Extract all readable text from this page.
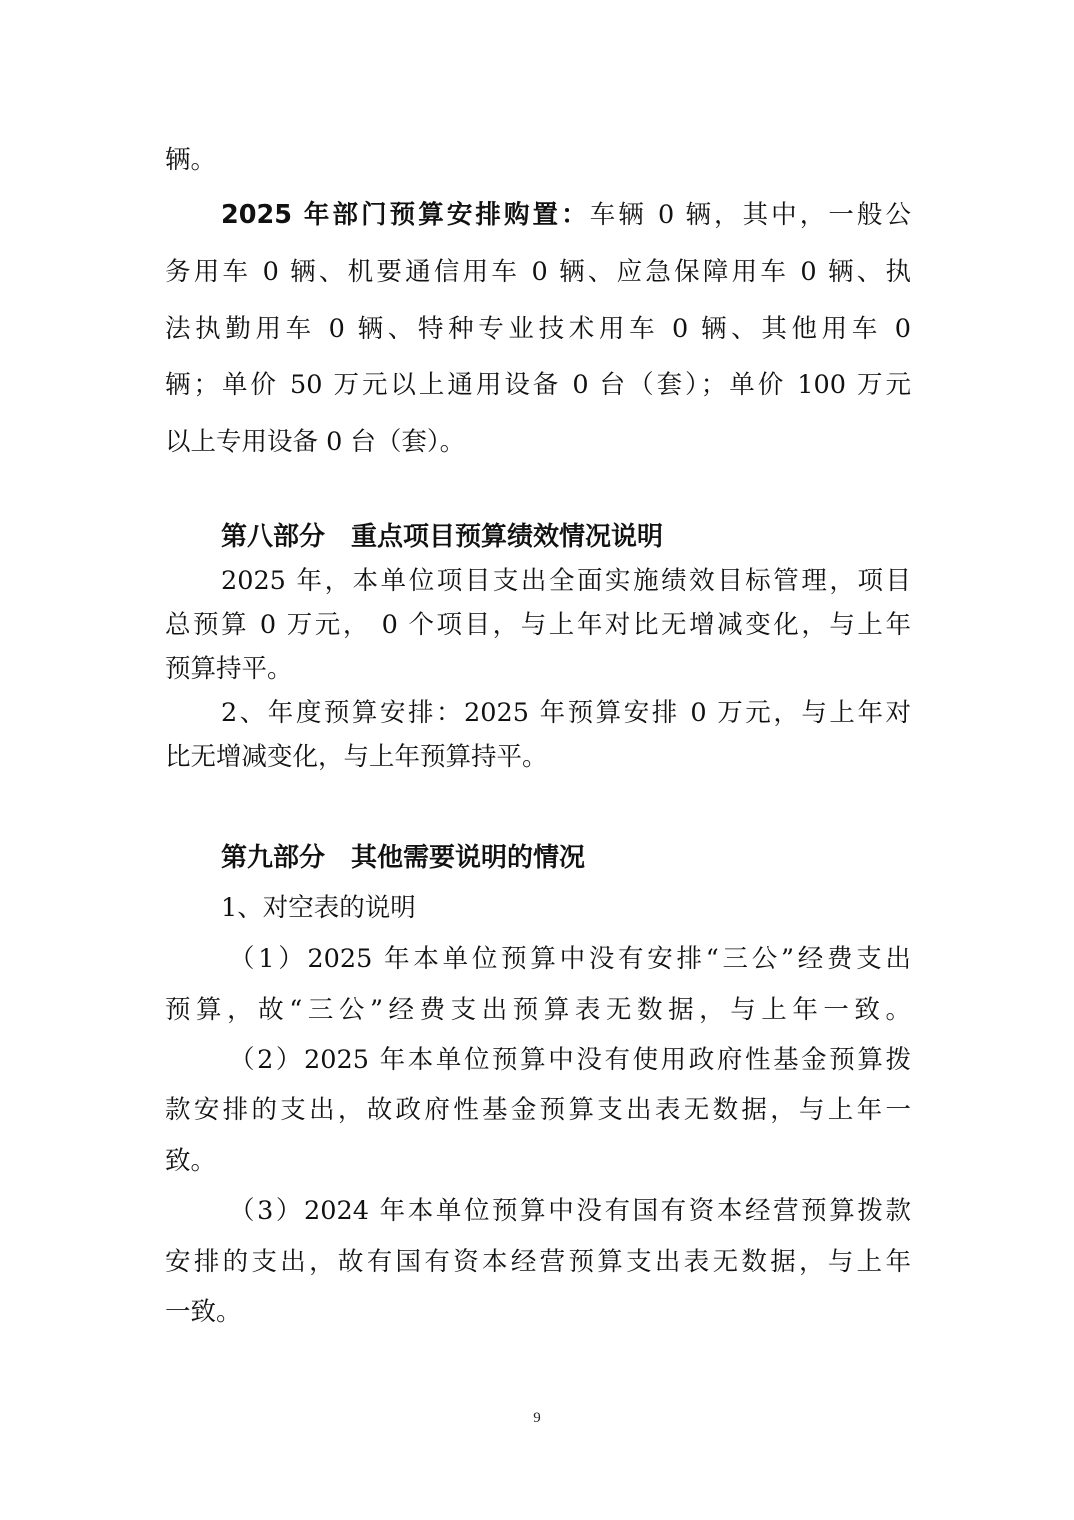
辆。

2025 年部门预算安排购置：车辆 0 辆，其中，一般公

务用车 0 辆、机要通信用车 0 辆、应急保障用车 0 辆、执

法执勤用车 0 辆、特种专业技术用车 0 辆、其他用车 0

辆；单价 50 万元以上通用设备 0 台（套）；单价 100 万元

以上专用设备 0 台（套）。

第八部分　重点项目预算绩效情况说明

2025 年，本单位项目支出全面实施绩效目标管理，项目

总预算 0 万元， 0 个项目，与上年对比无增减变化，与上年

预算持平。

2、年度预算安排：2025 年预算安排 0 万元，与上年对

比无增减变化，与上年预算持平。

第九部分　其他需要说明的情况

1、对空表的说明

（1）2025 年本单位预算中没有安排“三公”经费支出

预算，故“三公”经费支出预算表无数据，与上年一致。

（2）2025 年本单位预算中没有使用政府性基金预算拨

款安排的支出，故政府性基金预算支出表无数据，与上年一

致。

（3）2024 年本单位预算中没有国有资本经营预算拨款

安排的支出，故有国有资本经营预算支出表无数据，与上年

一致。

9
